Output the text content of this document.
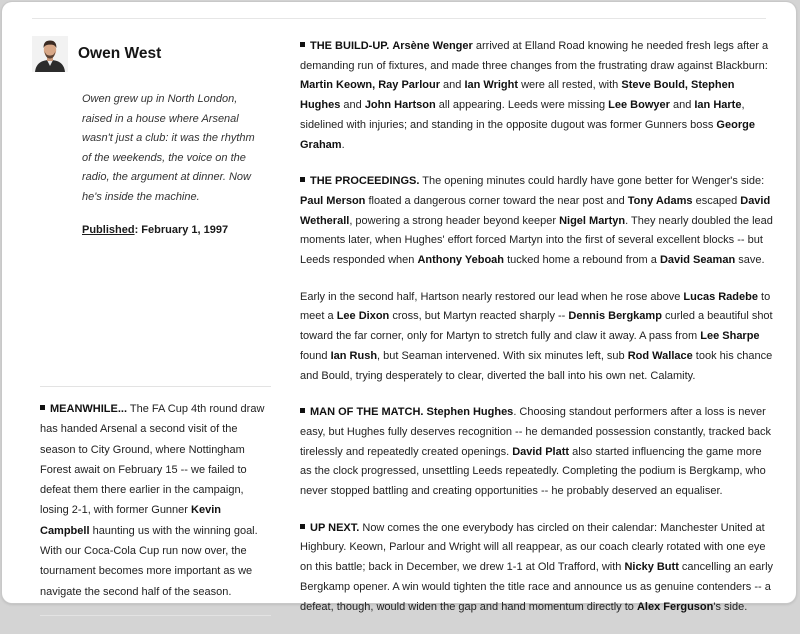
Owen West

Owen grew up in North London, raised in a house where Arsenal wasn't just a club: it was the rhythm of the weekends, the voice on the radio, the argument at dinner. Now he's inside the machine.

Published: February 1, 1997

MEANWHILE... The FA Cup 4th round draw has handed Arsenal a second visit of the season to City Ground, where Nottingham Forest await on February 15 -- we failed to defeat them there earlier in the campaign, losing 2-1, with former Gunner Kevin Campbell haunting us with the winning goal. With our Coca-Cola Cup run now over, the tournament becomes more important as we navigate the second half of the season.

THE BUILD-UP. Arsène Wenger arrived at Elland Road knowing he needed fresh legs after a demanding run of fixtures, and made three changes from the frustrating draw against Blackburn: Martin Keown, Ray Parlour and Ian Wright were all rested, with Steve Bould, Stephen Hughes and John Hartson all appearing. Leeds were missing Lee Bowyer and Ian Harte, sidelined with injuries; and standing in the opposite dugout was former Gunners boss George Graham.

THE PROCEEDINGS. The opening minutes could hardly have gone better for Wenger's side: Paul Merson floated a dangerous corner toward the near post and Tony Adams escaped David Wetherall, powering a strong header beyond keeper Nigel Martyn. They nearly doubled the lead moments later, when Hughes' effort forced Martyn into the first of several excellent blocks -- but Leeds responded when Anthony Yeboah tucked home a rebound from a David Seaman save.

Early in the second half, Hartson nearly restored our lead when he rose above Lucas Radebe to meet a Lee Dixon cross, but Martyn reacted sharply -- Dennis Bergkamp curled a beautiful shot toward the far corner, only for Martyn to stretch fully and claw it away. A pass from Lee Sharpe found Ian Rush, but Seaman intervened. With six minutes left, sub Rod Wallace took his chance and Bould, trying desperately to clear, diverted the ball into his own net. Calamity.

MAN OF THE MATCH. Stephen Hughes. Choosing standout performers after a loss is never easy, but Hughes fully deserves recognition -- he demanded possession constantly, tracked back tirelessly and repeatedly created openings. David Platt also started influencing the game more as the clock progressed, unsettling Leeds repeatedly. Completing the podium is Bergkamp, who never stopped battling and creating opportunities -- he probably deserved an equaliser.

UP NEXT. Now comes the one everybody has circled on their calendar: Manchester United at Highbury. Keown, Parlour and Wright will all reappear, as our coach clearly rotated with one eye on this battle; back in December, we drew 1-1 at Old Trafford, with Nicky Butt cancelling an early Bergkamp opener. A win would tighten the title race and announce us as genuine contenders -- a defeat, though, would widen the gap and hand momentum directly to Alex Ferguson's side.
